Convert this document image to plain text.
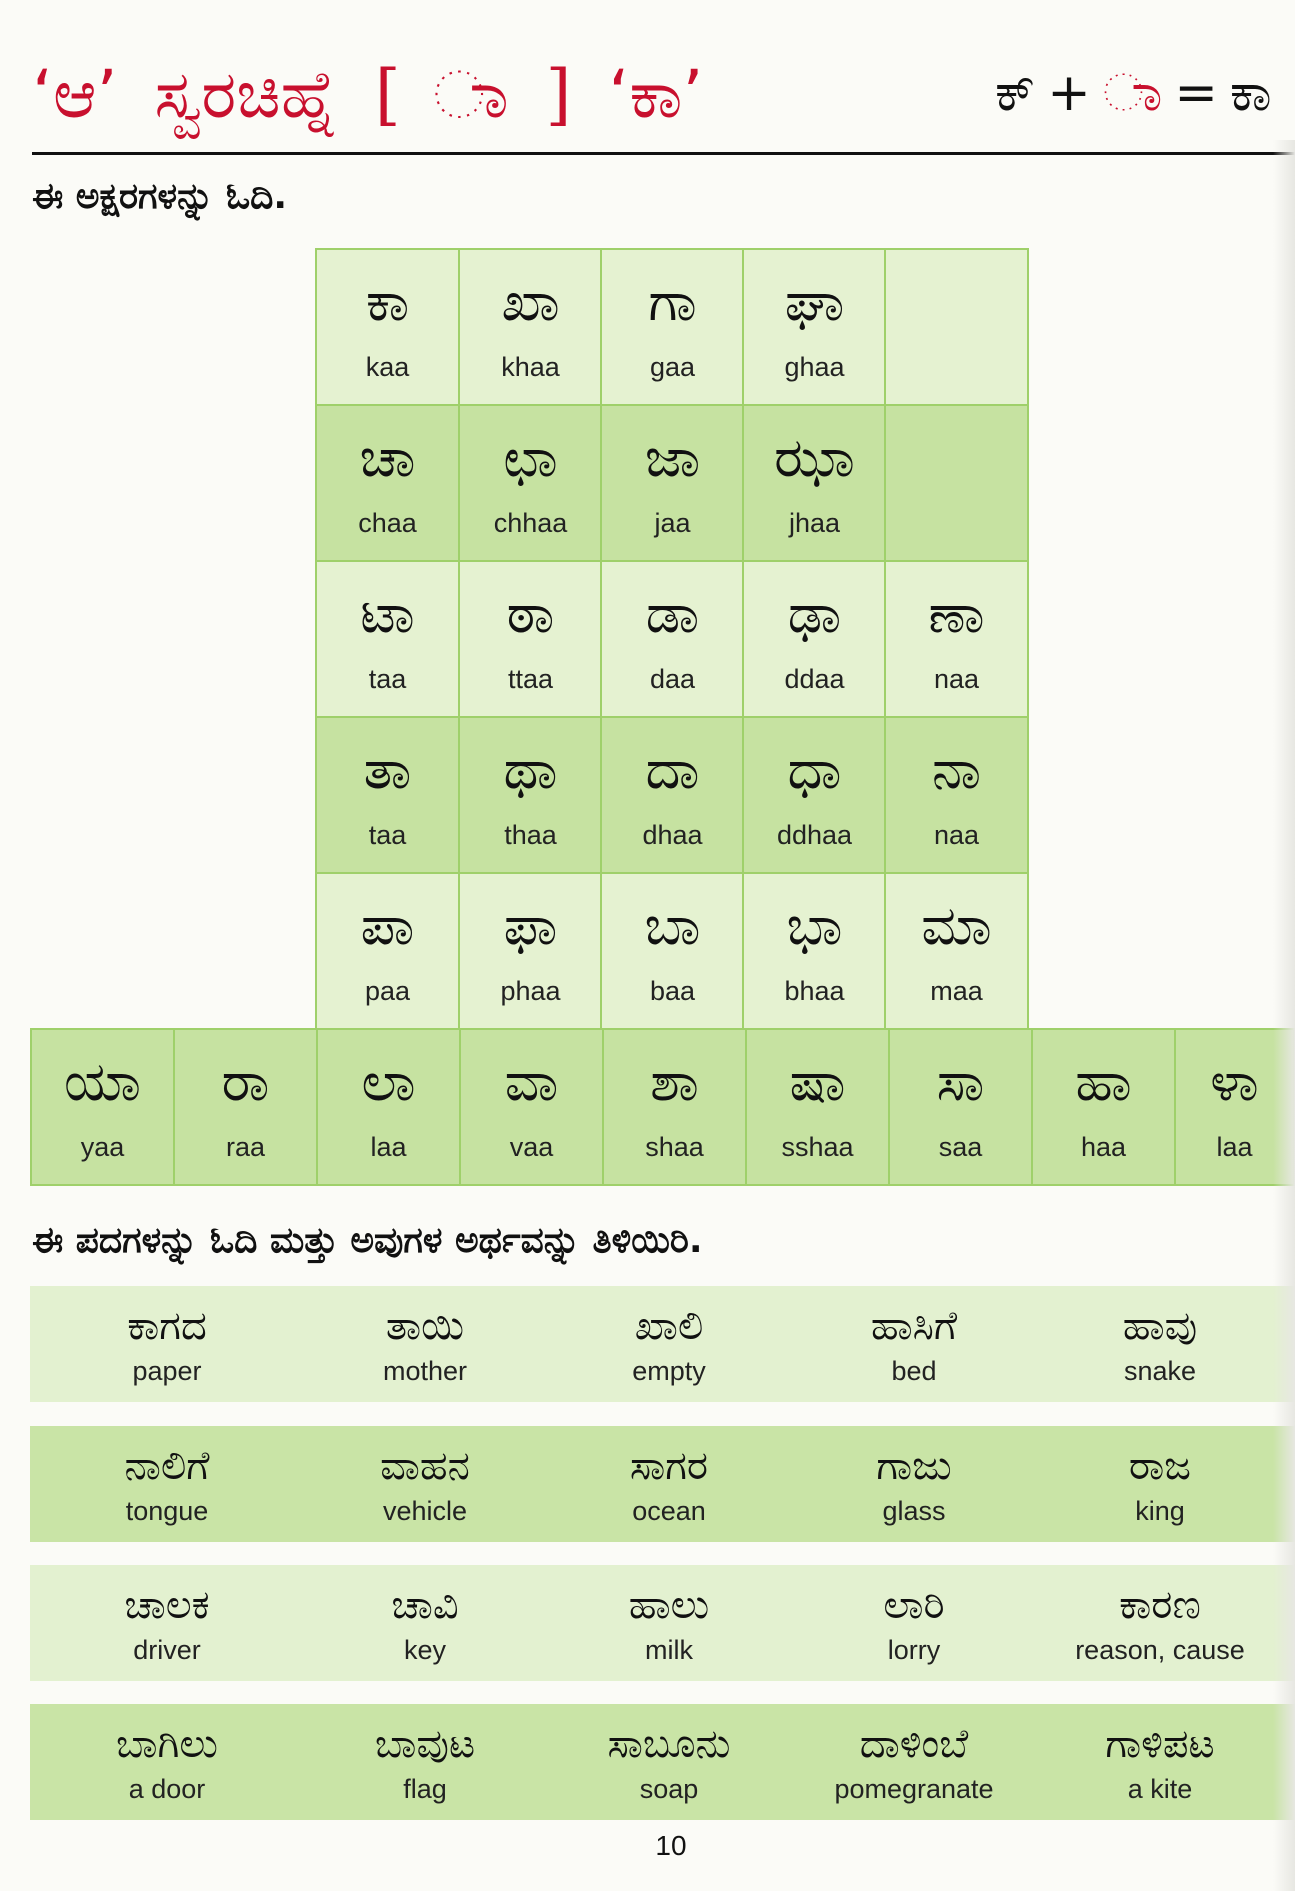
‘ಆ’ ಸ್ವರಚಿಹ್ನೆ [ ] ‘ಕಾ’	ಕ್ + ಾ = ಕಾ
ಈ ಅಕ್ಷರಗಳನ್ನು ಓದಿ.
ಕಾ
kaa
ಖಾ
khaa
ಗಾ
gaa
ಘಾ
ghaa
ಚಾ
chaa
ಛಾ
chhaa
ಜಾ
jaa
ಝಾ
jhaa
ಟಾ
taa
ಠಾ
ttaa
ಡಾ
daa
ಢಾ
ddaa
ಣಾ
naa
ತಾ
taa
ಥಾ
thaa
ದಾ
dhaa
ಧಾ
ddhaa
ನಾ
naa
ಪಾ
paa
ಫಾ
phaa
ಬಾ
baa
ಭಾ
bhaa
ಮಾ
maa
ಯಾ
yaa
ರಾ
raa
ಲಾ
laa
ವಾ
vaa
ಶಾ
shaa
ಷಾ
sshaa
ಸಾ
saa
ಹಾ
haa
ಳಾ
laa
ಈ ಪದಗಳನ್ನು ಓದಿ ಮತ್ತು ಅವುಗಳ ಅರ್ಥವನ್ನು ತಿಳಿಯಿರಿ.
ಕಾಗದ
paper
ತಾಯಿ
mother
ಖಾಲಿ
empty
ಹಾಸಿಗೆ
bed
ಹಾವು
snake
ನಾಲಿಗೆ
tongue
ವಾಹನ
vehicle
ಸಾಗರ
ocean
ಗಾಜು
glass
ರಾಜ
king
ಚಾಲಕ
driver
ಚಾವಿ
key
ಹಾಲು
milk
ಲಾರಿ
lorry
ಕಾರಣ
reason, cause
ಬಾಗಿಲು
a door
ಬಾವುಟ
flag
ಸಾಬೂನು
soap
ದಾಳಿಂಬೆ
pomegranate
ಗಾಳಿಪಟ
a kite
10
